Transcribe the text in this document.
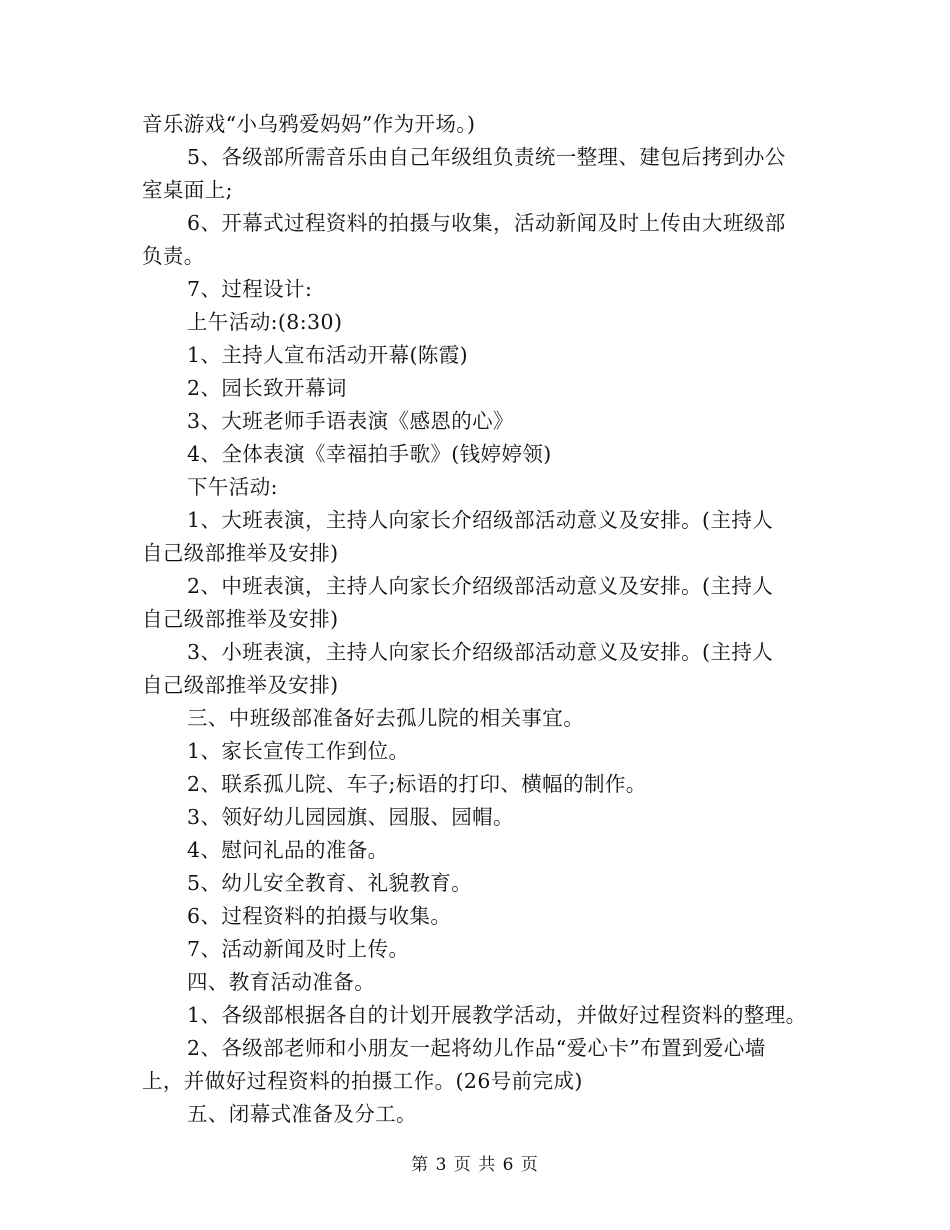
音乐游戏“小乌鸦爱妈妈”作为开场。)
5、各级部所需音乐由自己年级组负责统一整理、建包后拷到办公
室桌面上;
6、开幕式过程资料的拍摄与收集，活动新闻及时上传由大班级部
负责。
7、过程设计:
上午活动:(8:30)
1、主持人宣布活动开幕(陈霞)
2、园长致开幕词
3、大班老师手语表演《感恩的心》
4、全体表演《幸福拍手歌》(钱婷婷领)
下午活动:
1、大班表演，主持人向家长介绍级部活动意义及安排。(主持人
自己级部推举及安排)
2、中班表演，主持人向家长介绍级部活动意义及安排。(主持人
自己级部推举及安排)
3、小班表演，主持人向家长介绍级部活动意义及安排。(主持人
自己级部推举及安排)
三、中班级部准备好去孤儿院的相关事宜。
1、家长宣传工作到位。
2、联系孤儿院、车子;标语的打印、横幅的制作。
3、领好幼儿园园旗、园服、园帽。
4、慰问礼品的准备。
5、幼儿安全教育、礼貌教育。
6、过程资料的拍摄与收集。
7、活动新闻及时上传。
四、教育活动准备。
1、各级部根据各自的计划开展教学活动，并做好过程资料的整理。
2、各级部老师和小朋友一起将幼儿作品“爱心卡”布置到爱心墙
上，并做好过程资料的拍摄工作。(26号前完成)
五、闭幕式准备及分工。
第 3 页 共 6 页
